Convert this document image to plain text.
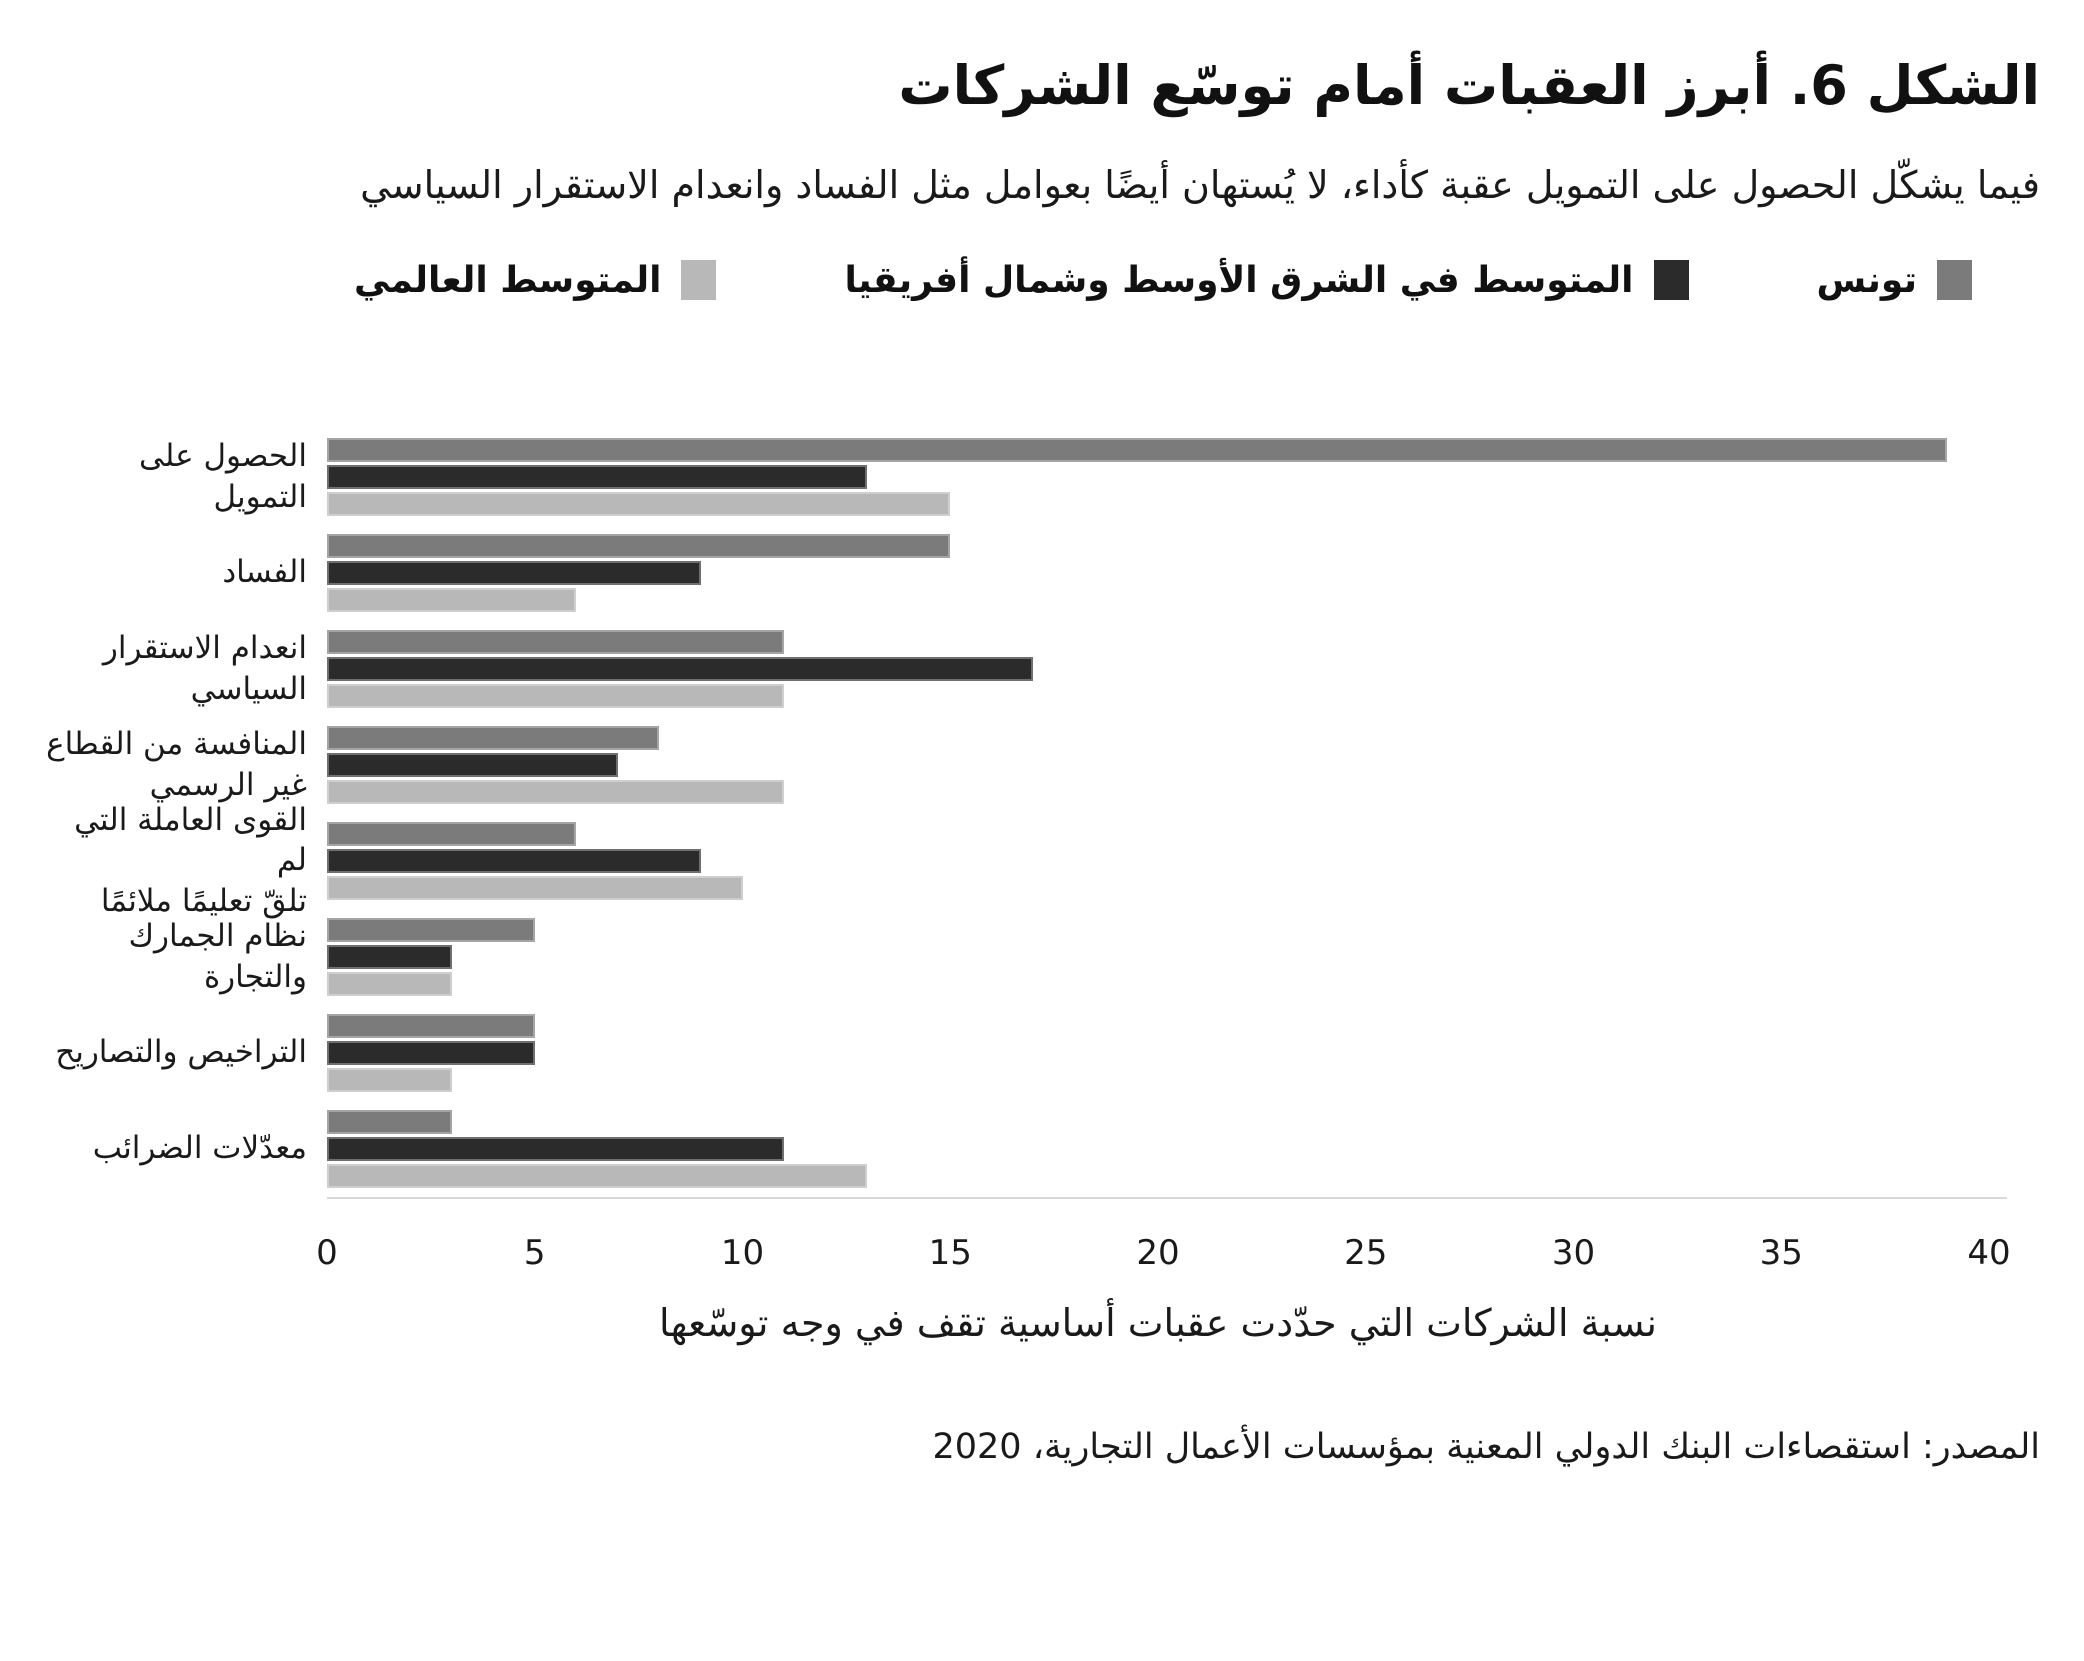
الشكل 6. أبرز العقبات أمام توسّع الشركات
فيما يشكّل الحصول على التمويل عقبة كأداء، لا يُستهان أيضًا بعوامل مثل الفساد وانعدام الاستقرار السياسي
تونس
المتوسط في الشرق الأوسط وشمال أفريقيا
المتوسط العالمي
الحصول على التمويل
الفساد
انعدام الاستقرار
السياسي
المنافسة من القطاع
غير الرسمي
القوى العاملة التي لم
تلقّ تعليمًا ملائمًا
نظام الجمارك والتجارة
التراخيص والتصاريح
معدّلات الضرائب
0	5	10	15	20	25	30	35	40
نسبة الشركات التي حدّدت عقبات أساسية تقف في وجه توسّعها
المصدر: استقصاءات البنك الدولي المعنية بمؤسسات الأعمال التجارية، 2020
